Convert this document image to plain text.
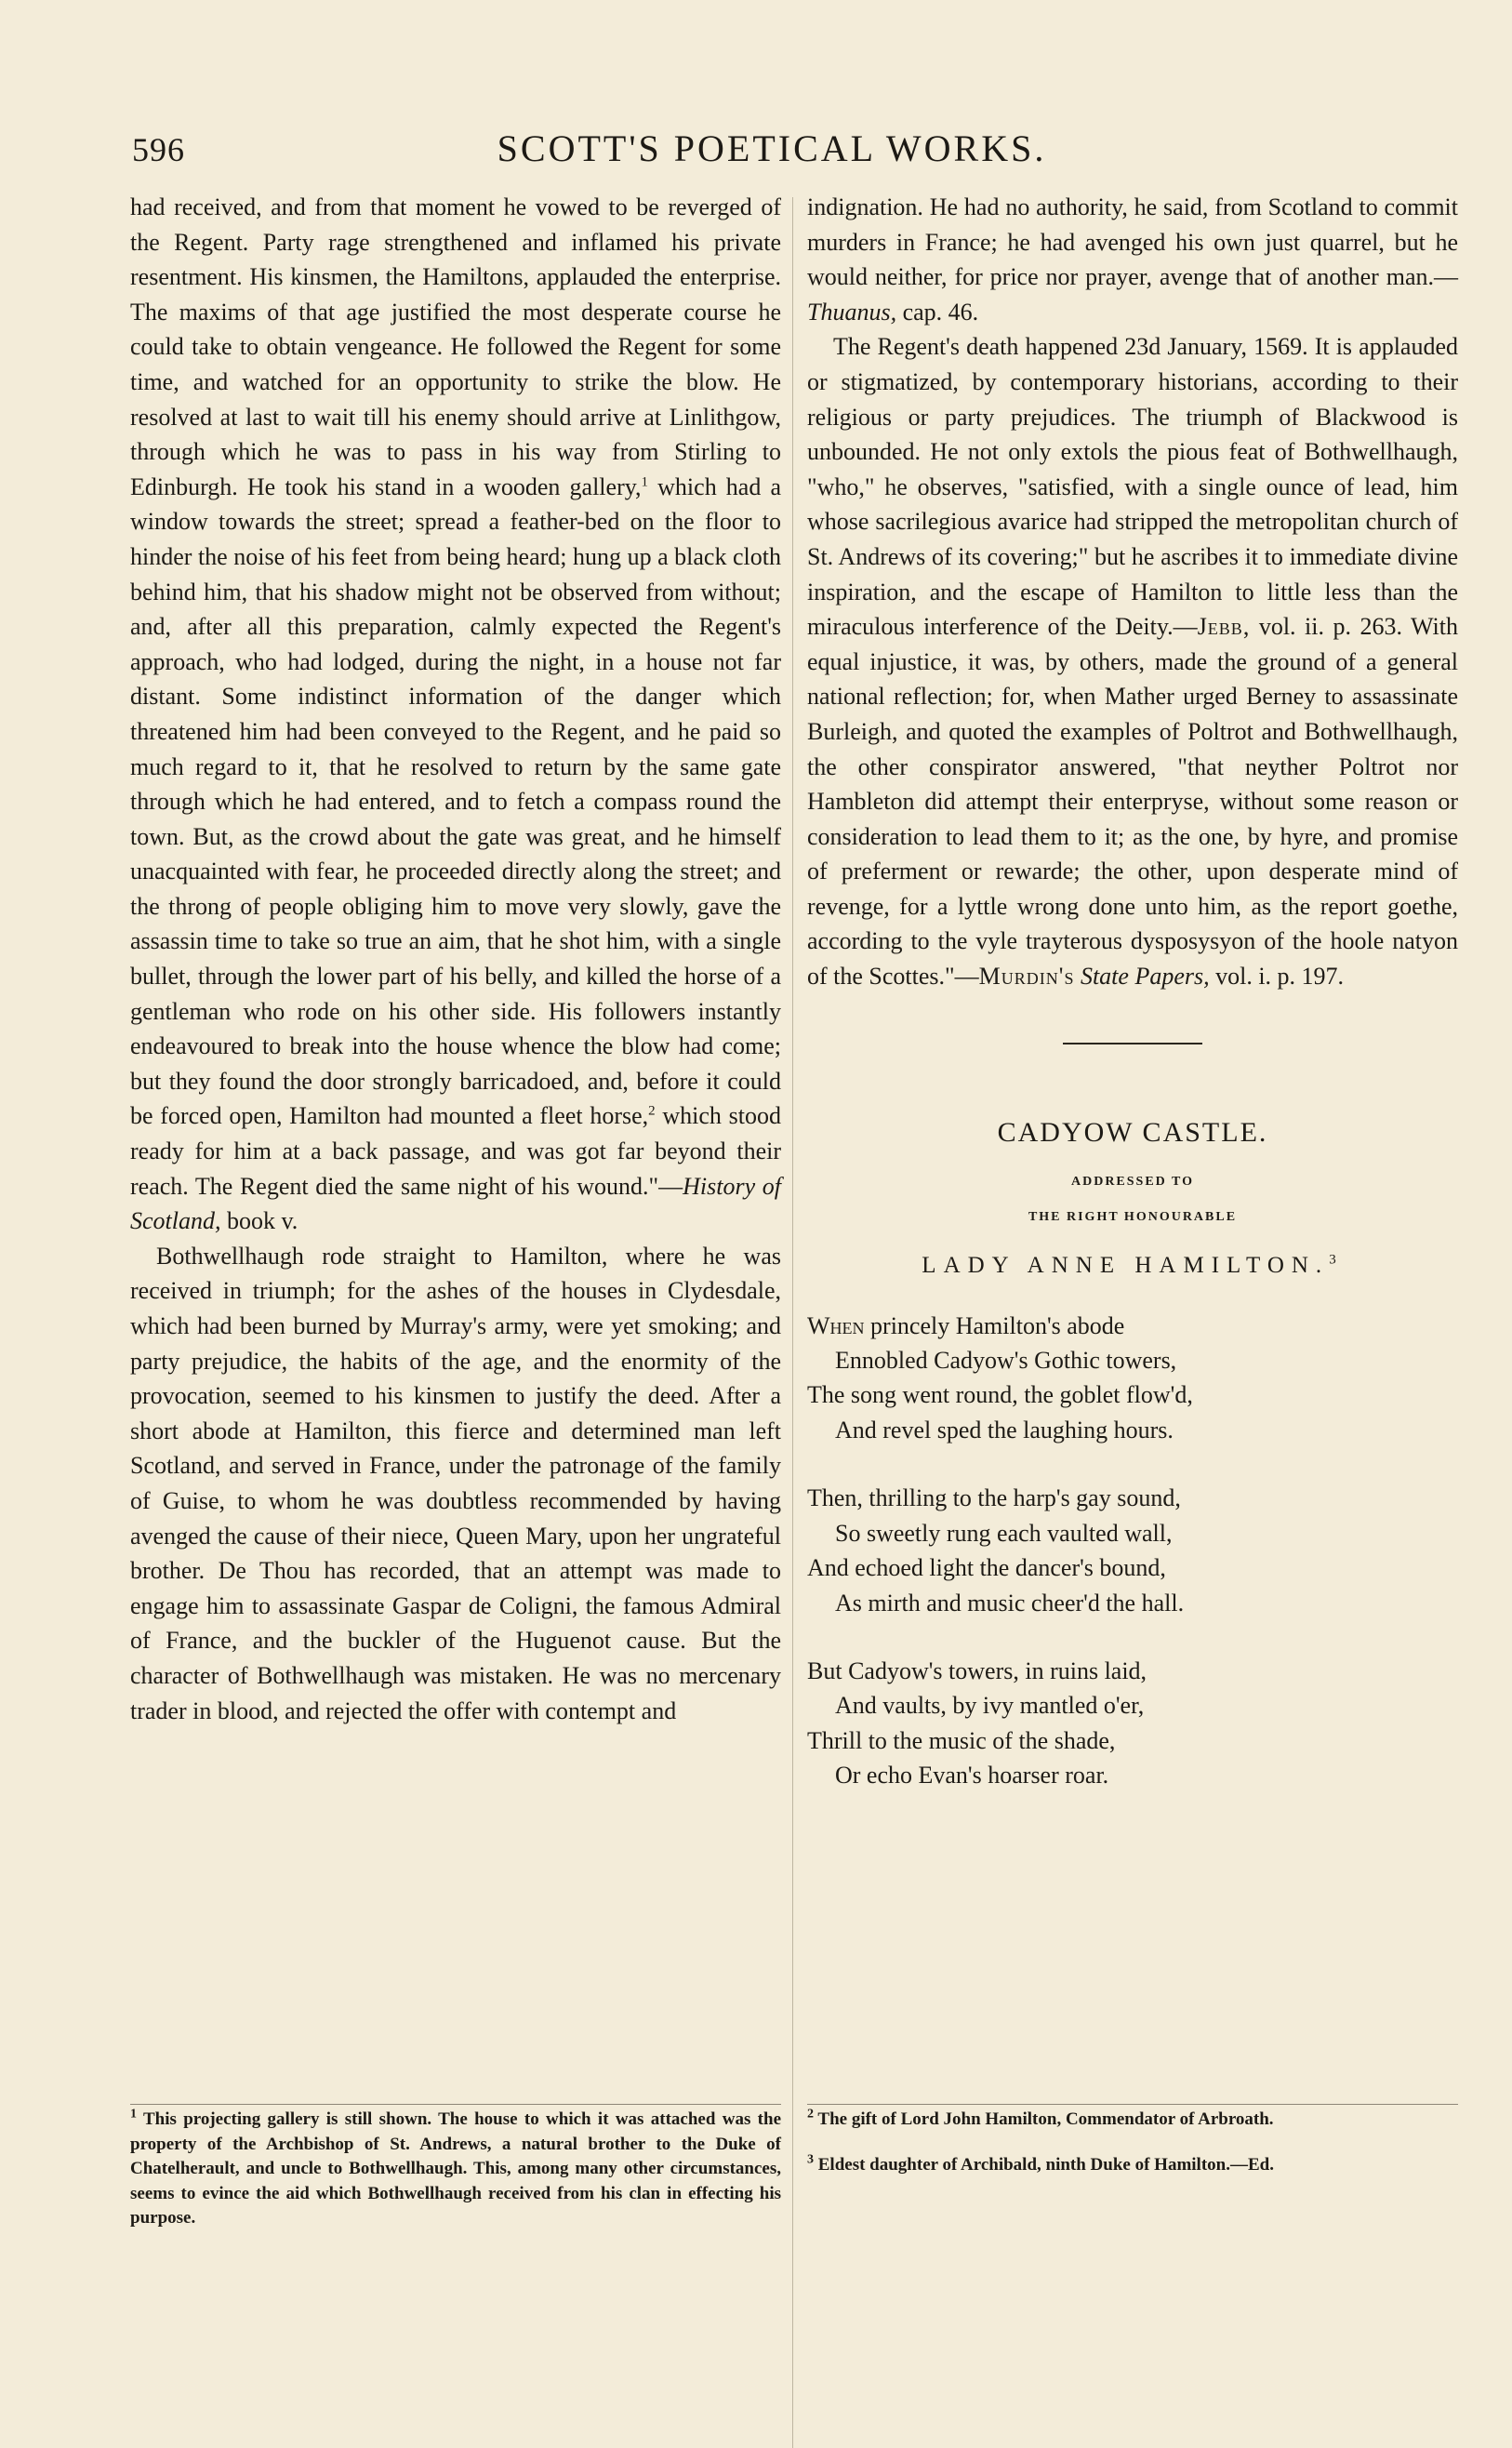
596	SCOTT'S POETICAL WORKS.

had received, and from that moment he vowed to be reverged of the Regent. Party rage strengthened and inflamed his private resentment. His kinsmen, the Hamiltons, applauded the enterprise. The maxims of that age justified the most desperate course he could take to obtain vengeance. He followed the Regent for some time, and watched for an opportunity to strike the blow. He resolved at last to wait till his enemy should arrive at Linlithgow, through which he was to pass in his way from Stirling to Edinburgh. He took his stand in a wooden gallery,$^1$ which had a window towards the street; spread a feather-bed on the floor to hinder the noise of his feet from being heard; hung up a black cloth behind him, that his shadow might not be observed from without; and, after all this preparation, calmly expected the Regent's approach, who had lodged, during the night, in a house not far distant. Some indistinct information of the danger which threatened him had been conveyed to the Regent, and he paid so much regard to it, that he resolved to return by the same gate through which he had entered, and to fetch a compass round the town. But, as the crowd about the gate was great, and he himself unacquainted with fear, he proceeded directly along the street; and the throng of people obliging him to move very slowly, gave the assassin time to take so true an aim, that he shot him, with a single bullet, through the lower part of his belly, and killed the horse of a gentleman who rode on his other side. His followers instantly endeavoured to break into the house whence the blow had come; but they found the door strongly barricadoed, and, before it could be forced open, Hamilton had mounted a fleet horse,$^2$ which stood ready for him at a back passage, and was got far beyond their reach. The Regent died the same night of his wound."—History of Scotland, book v.

Bothwellhaugh rode straight to Hamilton, where he was received in triumph; for the ashes of the houses in Clydesdale, which had been burned by Murray's army, were yet smoking; and party prejudice, the habits of the age, and the enormity of the provocation, seemed to his kinsmen to justify the deed. After a short abode at Hamilton, this fierce and determined man left Scotland, and served in France, under the patronage of the family of Guise, to whom he was doubtless recommended by having avenged the cause of their niece, Queen Mary, upon her ungrateful brother. De Thou has recorded, that an attempt was made to engage him to assassinate Gaspar de Coligni, the famous Admiral of France, and the buckler of the Huguenot cause. But the character of Bothwellhaugh was mistaken. He was no mercenary trader in blood, and rejected the offer with contempt and

indignation. He had no authority, he said, from Scotland to commit murders in France; he had avenged his own just quarrel, but he would neither, for price nor prayer, avenge that of another man.—Thuanus, cap. 46.

The Regent's death happened 23d January, 1569. It is applauded or stigmatized, by contemporary historians, according to their religious or party prejudices. The triumph of Blackwood is unbounded. He not only extols the pious feat of Bothwellhaugh, "who," he observes, "satisfied, with a single ounce of lead, him whose sacrilegious avarice had stripped the metropolitan church of St. Andrews of its covering;" but he ascribes it to immediate divine inspiration, and the escape of Hamilton to little less than the miraculous interference of the Deity.—Jebb, vol. ii. p. 263. With equal injustice, it was, by others, made the ground of a general national reflection; for, when Mather urged Berney to assassinate Burleigh, and quoted the examples of Poltrot and Bothwellhaugh, the other conspirator answered, "that neyther Poltrot nor Hambleton did attempt their enterpryse, without some reason or consideration to lead them to it; as the one, by hyre, and promise of preferment or rewarde; the other, upon desperate mind of revenge, for a lyttle wrong done unto him, as the report goethe, according to the vyle trayterous dysposysyon of the hoole natyon of the Scottes."—Murdin's State Papers, vol. i. p. 197.

CADYOW CASTLE.
ADDRESSED TO
THE RIGHT HONOURABLE
LADY ANNE HAMILTON.$^3$
When princely Hamilton's abode
Ennobled Cadyow's Gothic towers,
The song went round, the goblet flow'd,
And revel sped the laughing hours.
Then, thrilling to the harp's gay sound,
So sweetly rung each vaulted wall,
And echoed light the dancer's bound,
As mirth and music cheer'd the hall.
But Cadyow's towers, in ruins laid,
And vaults, by ivy mantled o'er,
Thrill to the music of the shade,
Or echo Evan's hoarser roar.

$^1$ This projecting gallery is still shown. The house to which it was attached was the property of the Archbishop of St. Andrews, a natural brother to the Duke of Chatelherault, and uncle to Bothwellhaugh. This, among many other circumstances, seems to evince the aid which Bothwellhaugh received from his clan in effecting his purpose.

$^2$ The gift of Lord John Hamilton, Commendator of Arbroath.

$^3$ Eldest daughter of Archibald, ninth Duke of Hamilton.—Ed.
